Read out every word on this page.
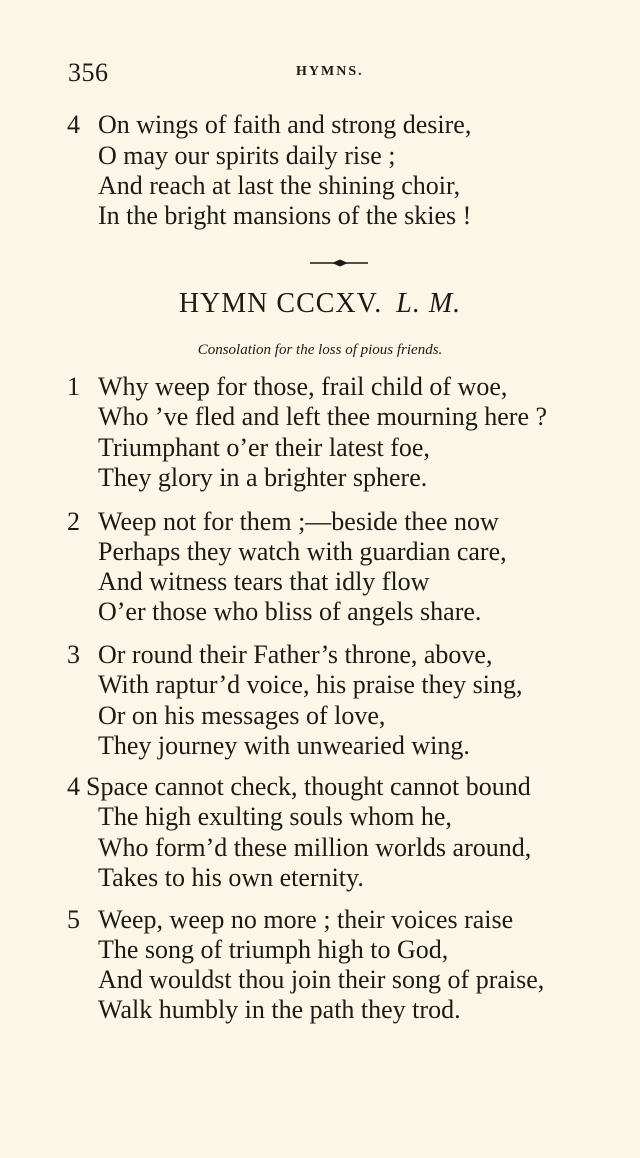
356	HYMNS.
4 On wings of faith and strong desire,
O may our spirits daily rise ;
And reach at last the shining choir,
In the bright mansions of the skies !
HYMN CCCXV. L. M.
Consolation for the loss of pious friends.
1 Why weep for those, frail child of woe,
Who ’ve fled and left thee mourning here ?
Triumphant o’er their latest foe,
They glory in a brighter sphere.
2 Weep not for them ;—beside thee now
Perhaps they watch with guardian care,
And witness tears that idly flow
O’er those who bliss of angels share.
3 Or round their Father’s throne, above,
With raptur’d voice, his praise they sing,
Or on his messages of love,
They journey with unwearied wing.
4 Space cannot check, thought cannot bound
The high exulting souls whom he,
Who form’d these million worlds around,
Takes to his own eternity.
5 Weep, weep no more ; their voices raise
The song of triumph high to God,
And wouldst thou join their song of praise,
Walk humbly in the path they trod.
